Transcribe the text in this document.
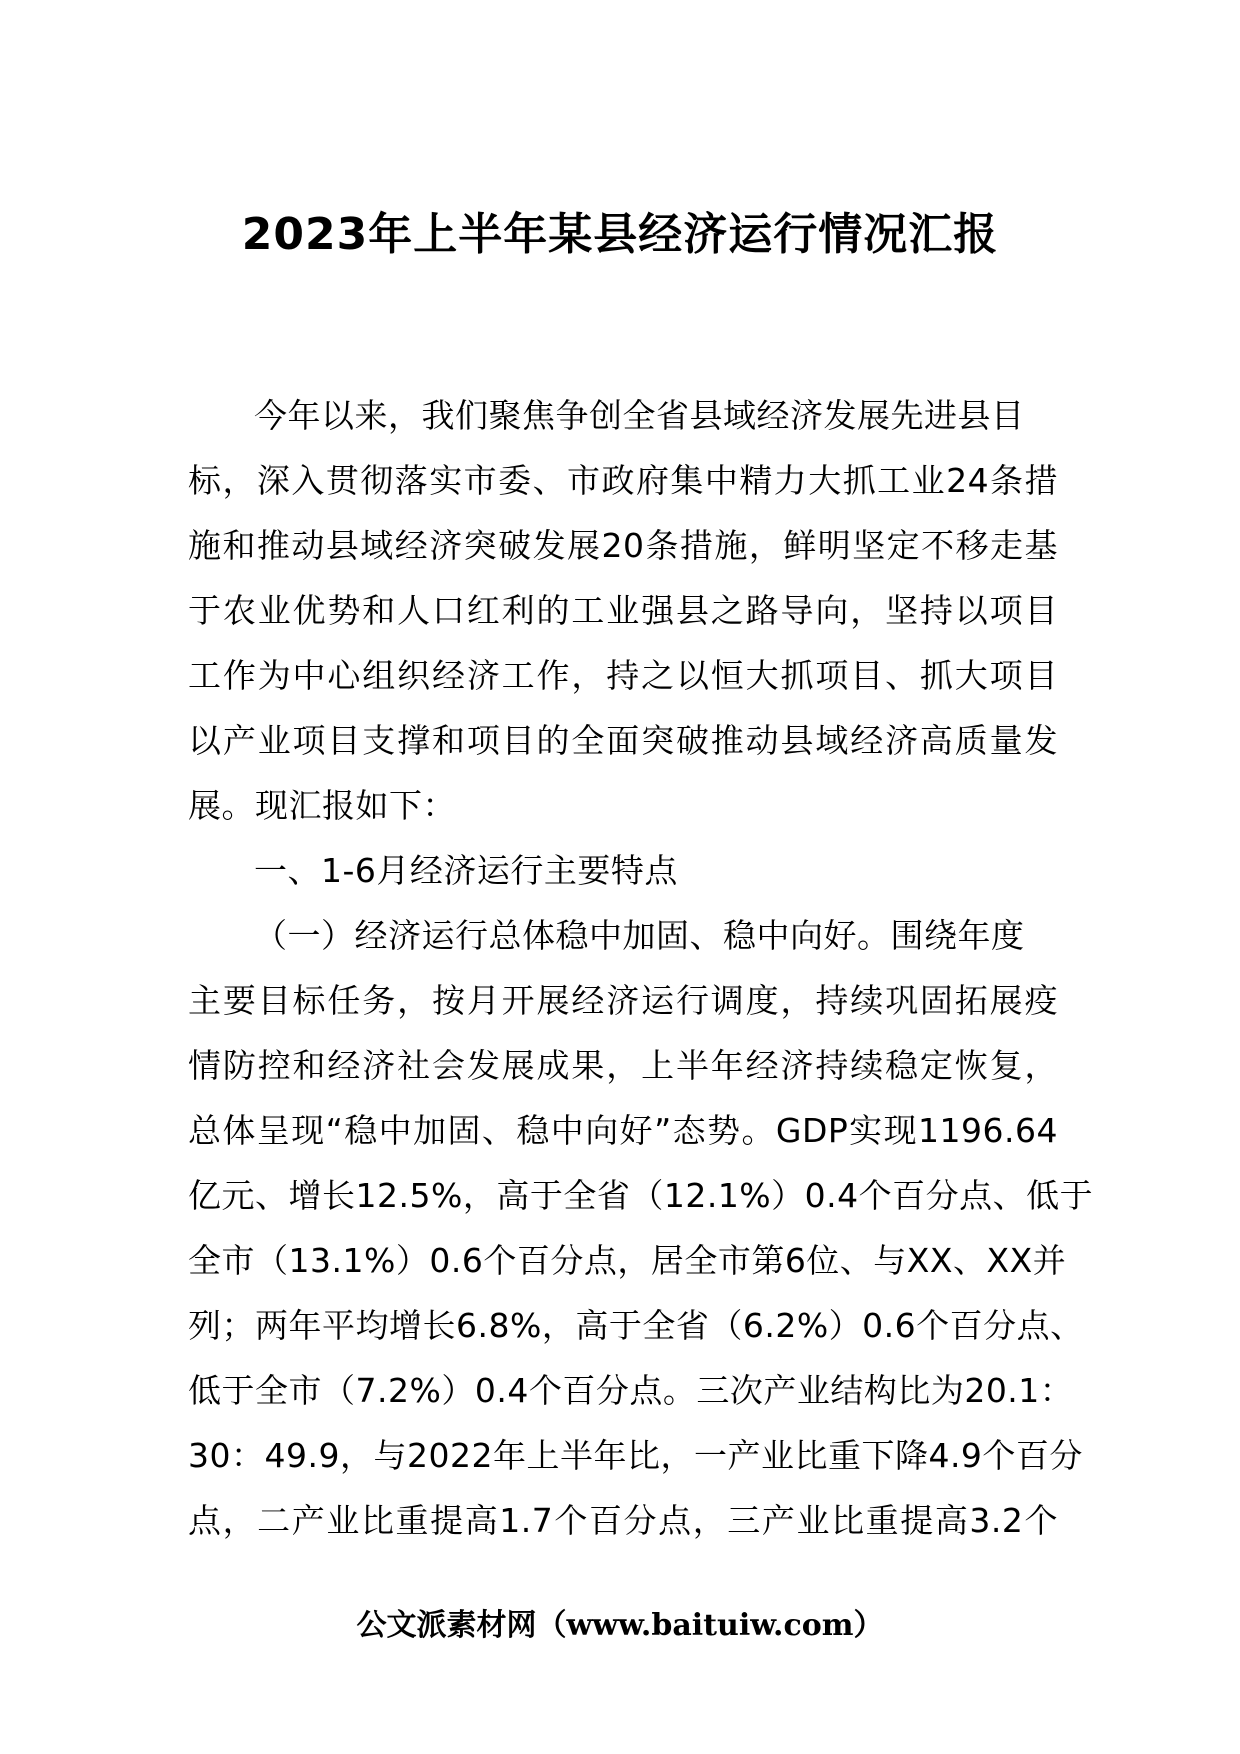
2023年上半年某县经济运行情况汇报
今年以来，我们聚焦争创全省县域经济发展先进县目
标，深入贯彻落实市委、市政府集中精力大抓工业24条措
施和推动县域经济突破发展20条措施，鲜明坚定不移走基
于农业优势和人口红利的工业强县之路导向，坚持以项目
工作为中心组织经济工作，持之以恒大抓项目、抓大项目
以产业项目支撑和项目的全面突破推动县域经济高质量发
展。现汇报如下：
一、1-6月经济运行主要特点
（一）经济运行总体稳中加固、稳中向好。围绕年度
主要目标任务，按月开展经济运行调度，持续巩固拓展疫
情防控和经济社会发展成果，上半年经济持续稳定恢复，
总体呈现“稳中加固、稳中向好”态势。GDP实现1196.64
亿元、增长12.5%，高于全省（12.1%）0.4个百分点、低于
全市（13.1%）0.6个百分点，居全市第6位、与XX、XX并
列；两年平均增长6.8%，高于全省（6.2%）0.6个百分点、
低于全市（7.2%）0.4个百分点。三次产业结构比为20.1：
30：49.9，与2022年上半年比，一产业比重下降4.9个百分
点，二产业比重提高1.7个百分点，三产业比重提高3.2个
公文派素材网（www.baituiw.com）
